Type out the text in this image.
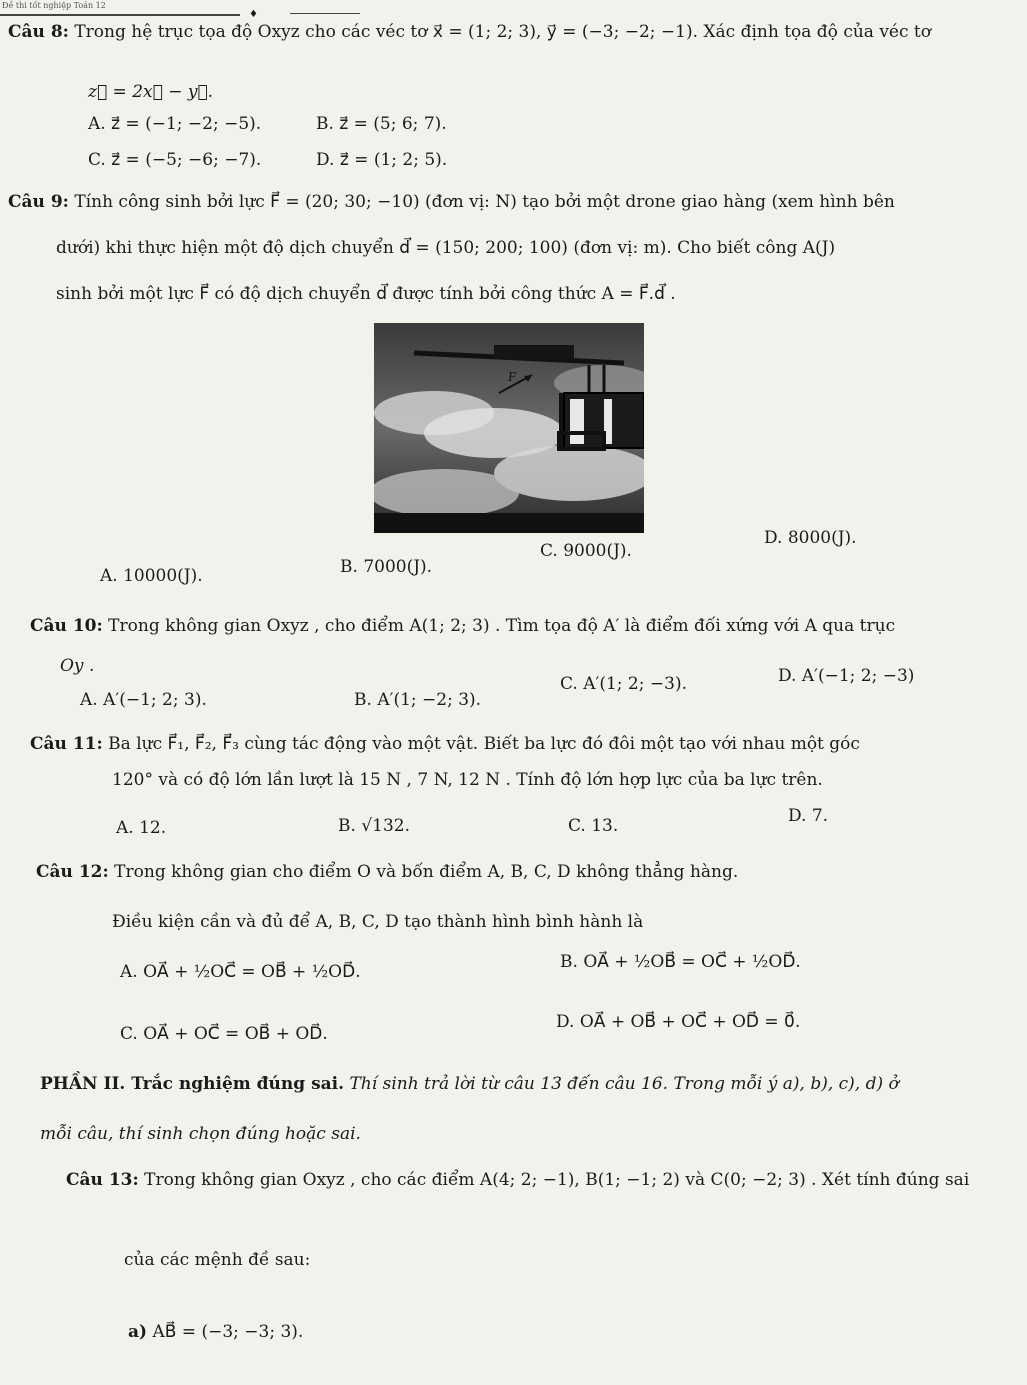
Đề thi tốt nghiệp Toán 12
♦
Câu 8: Trong hệ trục tọa độ Oxyz cho các véc tơ x⃗ = (1; 2; 3), y⃗ = (−3; −2; −1). Xác định tọa độ của véc tơ
z⃗ = 2x⃗ − y⃗.
A. z⃗ = (−1; −2; −5).	B. z⃗ = (5; 6; 7).
C. z⃗ = (−5; −6; −7).	D. z⃗ = (1; 2; 5).
Câu 9: Tính công sinh bởi lực F⃗ = (20; 30; −10) (đơn vị: N) tạo bởi một drone giao hàng (xem hình bên
dưới) khi thực hiện một độ dịch chuyển d⃗ = (150; 200; 100) (đơn vị: m). Cho biết công A(J)
sinh bởi một lực F⃗ có độ dịch chuyển d⃗ được tính bởi công thức A = F⃗.d⃗ .
F
A. 10000(J).	B. 7000(J).
C. 9000(J).
D. 8000(J).
Câu 10: Trong không gian Oxyz , cho điểm A(1; 2; 3) . Tìm tọa độ A′ là điểm đối xứng với A qua trục
Oy .
A. A′(−1; 2; 3).	B. A′(1; −2; 3).
C. A′(1; 2; −3).	D. A′(−1; 2; −3)
Câu 11: Ba lực F⃗₁, F⃗₂, F⃗₃ cùng tác động vào một vật. Biết ba lực đó đôi một tạo với nhau một góc
120° và có độ lớn lần lượt là 15 N , 7 N, 12 N . Tính độ lớn hợp lực của ba lực trên.
A. 12.	B. √132.	C. 13.	D. 7.
Câu 12: Trong không gian cho điểm O và bốn điểm A, B, C, D không thẳng hàng.
Điều kiện cần và đủ để A, B, C, D tạo thành hình bình hành là
A. OA⃗ + ½OC⃗ = OB⃗ + ½OD⃗.	B. OA⃗ + ½OB⃗ = OC⃗ + ½OD⃗.
C. OA⃗ + OC⃗ = OB⃗ + OD⃗.
D. OA⃗ + OB⃗ + OC⃗ + OD⃗ = 0⃗.
PHẦN II. Trắc nghiệm đúng sai. Thí sinh trả lời từ câu 13 đến câu 16. Trong mỗi ý a), b), c), d) ở
mỗi câu, thí sinh chọn đúng hoặc sai.
Câu 13: Trong không gian Oxyz , cho các điểm A(4; 2; −1), B(1; −1; 2) và C(0; −2; 3) . Xét tính đúng sai
của các mệnh đề sau:
a) AB⃗ = (−3; −3; 3).
